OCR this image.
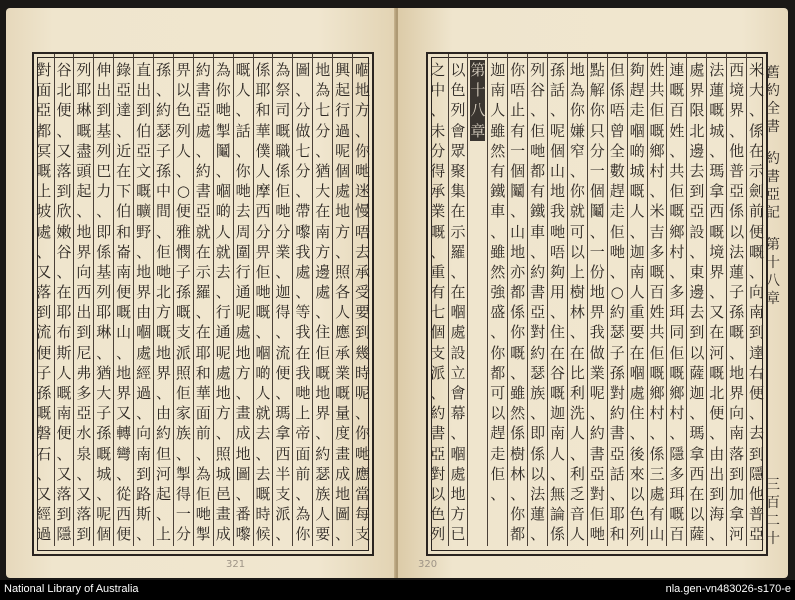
嗰
地
方
、
你
哋
迷
慢
唔
去
承
受
要
到
幾
時
呢
、
你
哋
應
當
每
支
興
起
行
過
呢
個
處
地
方
、
照
各
人
應
承
業
嘅
量
度
畫
成
地
圖
、
地
為
七
分
、
猶
大
在
南
方
邊
處
、
住
佢
嘅
地
界
、
約
瑟
族
人
要
圖
、
分
做
七
分
、
帶
嚟
我
處
、
等
我
在
我
哋
上
帝
面
前
、
為
你
為
祭
司
嘅
職
係
佢
哋
分
業
、
迦
得
、
流
便
、
瑪
拿
西
半
支
派
、
係
耶
和
華
僕
人
摩
西
分
畀
佢
哋
嘅
、
嗰
啲
人
就
去
、
去
嘅
時
候
嘅
人
、
話
、
你
哋
去
周
圍
行
通
呢
處
地
方
、
畫
成
地
圖
、
番
嚟
為
你
哋
掣
鬮
、
嗰
啲
人
就
去
、
行
通
呢
處
地
方
、
照
城
邑
畫
成
約
書
亞
處
、
約
書
亞
就
在
示
羅
、
在
耶
和
華
面
前
、
為
佢
哋
掣
畀
以
色
列
人
、
○
便
雅
憫
子
孫
嘅
支
派
照
佢
家
族
、
掣
得
一
分
孫
、
約
瑟
子
孫
中
間
、
佢
哋
北
方
嘅
地
界
、
由
約
但
河
起
、
上
直
出
到
伯
亞
文
嘅
曠
野
、
地
界
由
嗰
處
經
過
、
向
南
到
路
斯
、
錄
亞
達
、
近
在
下
伯
和
崙
南
便
嘅
山
、
地
界
又
轉
彎
、
從
西
便
伸
出
到
基
列
巴
力
、
即
係
基
列
耶
琳
、
猶
大
子
孫
嘅
城
、
呢
個
列
耶
琳
嘅
盡
頭
起
、
地
界
向
西
出
到
尼
弗
多
亞
水
泉
、
又
落
到
谷
北
便
、
又
落
到
欣
嫩
谷
、
在
耶
布
斯
人
嘅
南
便
、
又
落
到
隱
對
面
亞
都
冥
嘅
上
坡
處
、
又
落
到
流
便
子
孫
嘅
磐
石
、
又
經
過
321
舊
約
全
書
約
書
亞
記
第
十
八
章
三
百
二
十
米
大
、
係
在
示
劍
前
便
嘅
、
向
南
到
達
右
便
、
去
到
隱
他
普
亞
西
境
界
、
他
普
亞
係
以
法
蓮
子
孫
嘅
、
地
界
向
南
落
到
加
拿
河
法
蓮
嘅
城
、
瑪
拿
西
嘅
境
界
、
又
在
河
嘅
北
便
、
由
出
到
海
、
處
界
限
北
邊
去
到
亞
設
、
東
邊
去
到
以
薩
迦
、
瑪
拿
西
在
以
薩
連
嘅
百
姓
、
共
佢
嘅
鄉
村
、
多
珥
同
佢
嘅
鄉
村
、
隱
多
珥
嘅
百
姓
共
佢
嘅
鄉
村
、
米
吉
多
嘅
百
姓
共
佢
嘅
鄉
村
、
係
三
處
有
山
夠
趕
走
嗰
啲
城
嘅
人
、
迦
南
人
重
要
在
嗰
處
住
、
後
來
以
色
列
但
係
唔
曾
全
數
趕
走
佢
哋
、
○
約
瑟
子
孫
對
約
書
亞
話
、
耶
和
點
解
你
只
分
一
個
鬮
、
一
份
地
畀
我
做
業
呢
、
約
書
亞
對
佢
哋
地
為
你
嫌
窄
、
你
就
可
以
上
樹
林
、
在
比
利
洗
人
、
利
乏
音
人
孫
話
、
呢
個
山
地
我
哋
唔
夠
用
、
住
在
谷
嘅
迦
南
人
、
無
論
係
列
谷
、
佢
哋
都
有
鐵
車
、
約
書
亞
對
約
瑟
族
、
即
係
以
法
蓮
、
你
唔
止
有
一
個
鬮
、
山
地
亦
都
係
你
嘅
、
雖
然
係
樹
林
、
你
都
迦
南
人
雖
然
有
鐵
車
、
雖
然
強
盛
、
你
都
可
以
趕
走
佢
、
第
十
八
章
以
色
列
會
眾
聚
集
在
示
羅
、
在
嗰
處
設
立
會
幕
、
嗰
處
地
方
已
之
中
、
未
分
得
承
業
嘅
、
重
有
七
個
支
派
、
約
書
亞
對
以
色
列
320
National Library of Australia	nla.gen-vn483026-s170-e
